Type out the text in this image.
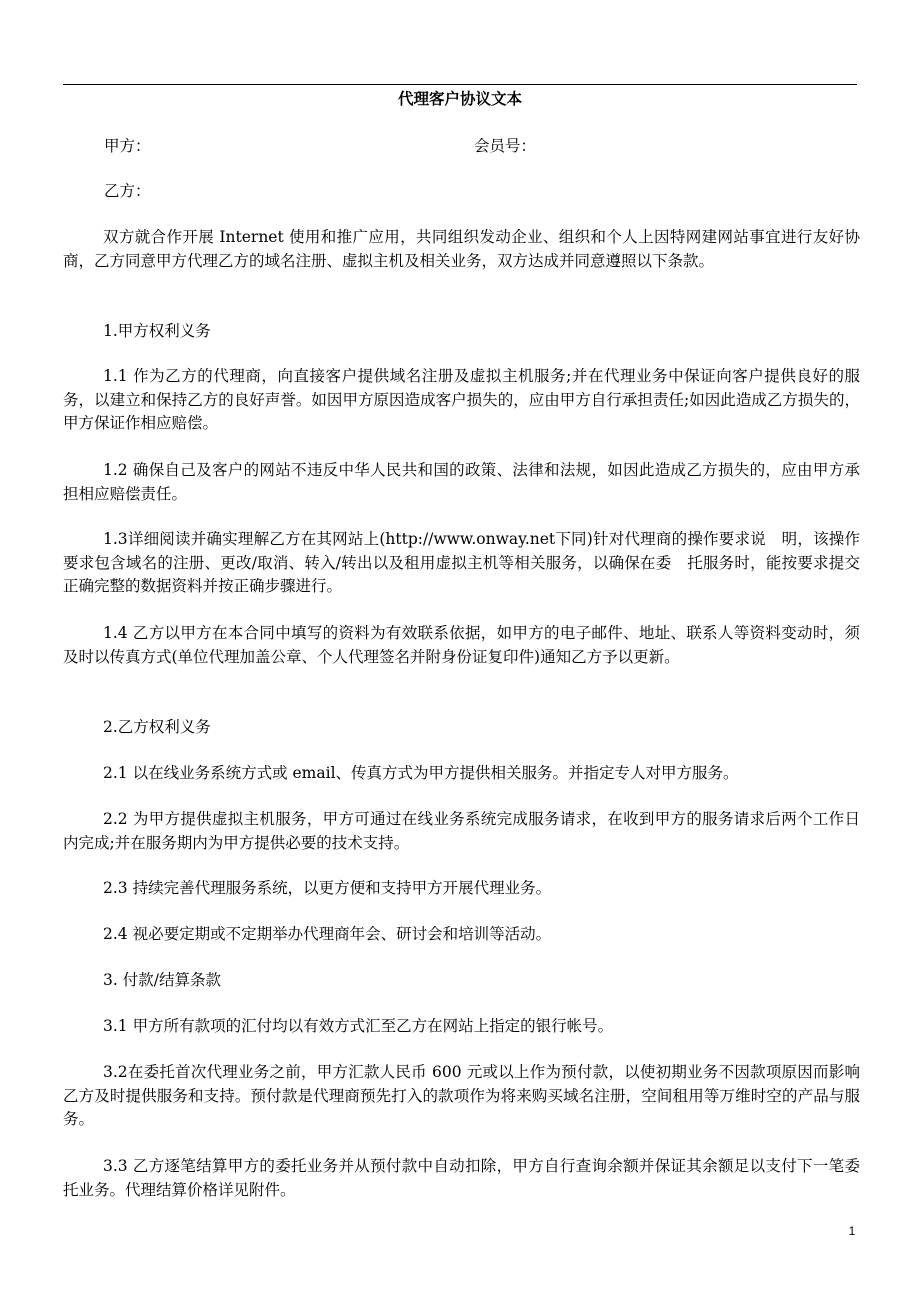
代理客户协议文本
甲方：	会员号：
乙方：
双方就合作开展 Internet 使用和推广应用，共同组织发动企业、组织和个人上因特网建网站事宜进行友好协商，乙方同意甲方代理乙方的域名注册、虚拟主机及相关业务，双方达成并同意遵照以下条款。
1.甲方权利义务
1.1 作为乙方的代理商，向直接客户提供域名注册及虚拟主机服务;并在代理业务中保证向客户提供良好的服务，以建立和保持乙方的良好声誉。如因甲方原因造成客户损失的，应由甲方自行承担责任;如因此造成乙方损失的，甲方保证作相应赔偿。
1.2 确保自己及客户的网站不违反中华人民共和国的政策、法律和法规，如因此造成乙方损失的，应由甲方承担相应赔偿责任。
1.3详细阅读并确实理解乙方在其网站上(http://www.onway.net下同)针对代理商的操作要求说　明，该操作要求包含域名的注册、更改/取消、转入/转出以及租用虚拟主机等相关服务，以确保在委　托服务时，能按要求提交正确完整的数据资料并按正确步骤进行。
1.4 乙方以甲方在本合同中填写的资料为有效联系依据，如甲方的电子邮件、地址、联系人等资料变动时，须及时以传真方式(单位代理加盖公章、个人代理签名并附身份证复印件)通知乙方予以更新。
2.乙方权利义务
2.1 以在线业务系统方式或 email、传真方式为甲方提供相关服务。并指定专人对甲方服务。
2.2 为甲方提供虚拟主机服务，甲方可通过在线业务系统完成服务请求，在收到甲方的服务请求后两个工作日内完成;并在服务期内为甲方提供必要的技术支持。
2.3 持续完善代理服务系统，以更方便和支持甲方开展代理业务。
2.4 视必要定期或不定期举办代理商年会、研讨会和培训等活动。
3. 付款/结算条款
3.1 甲方所有款项的汇付均以有效方式汇至乙方在网站上指定的银行帐号。
3.2在委托首次代理业务之前，甲方汇款人民币 600 元或以上作为预付款，以使初期业务不因款项原因而影响乙方及时提供服务和支持。预付款是代理商预先打入的款项作为将来购买域名注册，空间租用等万维时空的产品与服务。
3.3 乙方逐笔结算甲方的委托业务并从预付款中自动扣除，甲方自行查询余额并保证其余额足以支付下一笔委托业务。代理结算价格详见附件。
1
